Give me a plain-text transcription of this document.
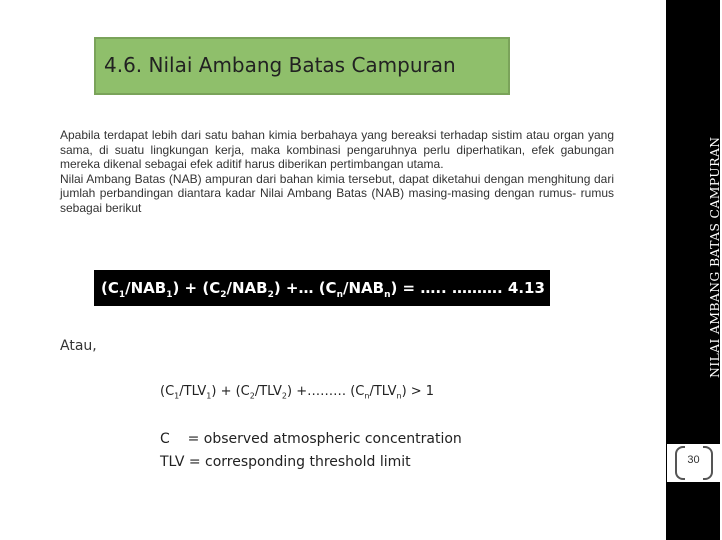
4.6. Nilai Ambang Batas Campuran

Apabila terdapat lebih dari satu bahan kimia berbahaya yang bereaksi terhadap sistim atau organ yang sama, di suatu lingkungan kerja, maka kombinasi pengaruhnya perlu diperhatikan, efek gabungan mereka dikenal sebagai efek aditif harus diberikan pertimbangan utama.

Nilai Ambang Batas (NAB) ampuran dari bahan kimia tersebut, dapat diketahui dengan menghitung dari jumlah perbandingan diantara kadar Nilai Ambang Batas (NAB) masing-masing dengan rumus- rumus sebagai berikut

$(C_1/NAB_1) + (C_2/NAB_2)$ +… $(C_n/NAB_n)$ = ….. ………. 4.13
Atau,
$(C_1/TLV_1) + (C_2/TLV_2)$ +……… $(C_n/TLV_n) > 1$
C    = observed atmospheric concentration
TLV = corresponding threshold limit
NILAI AMBANG BATAS CAMPURAN
30
